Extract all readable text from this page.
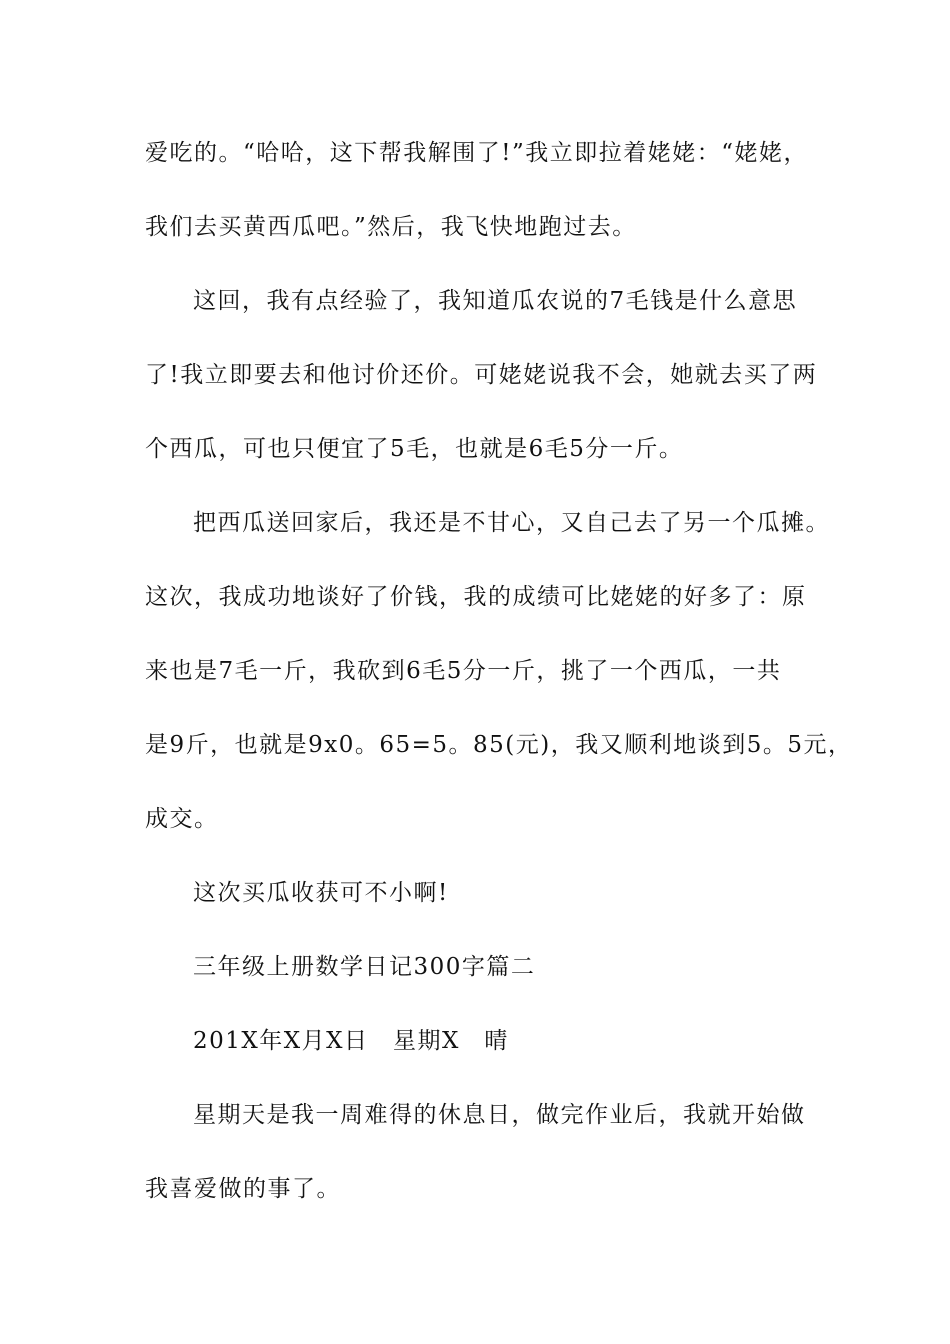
爱吃的。“哈哈，这下帮我解围了!”我立即拉着姥姥：“姥姥，
我们去买黄西瓜吧。”然后，我飞快地跑过去。
这回，我有点经验了，我知道瓜农说的7毛钱是什么意思
了!我立即要去和他讨价还价。可姥姥说我不会，她就去买了两
个西瓜，可也只便宜了5毛，也就是6毛5分一斤。
把西瓜送回家后，我还是不甘心，又自己去了另一个瓜摊。
这次，我成功地谈好了价钱，我的成绩可比姥姥的好多了：原
来也是7毛一斤，我砍到6毛5分一斤，挑了一个西瓜，一共
是9斤，也就是9x0。65=5。85(元)，我又顺利地谈到5。5元，
成交。
这次买瓜收获可不小啊!
三年级上册数学日记300字篇二
201X年X月X日　星期X　晴
星期天是我一周难得的休息日，做完作业后，我就开始做
我喜爱做的事了。
